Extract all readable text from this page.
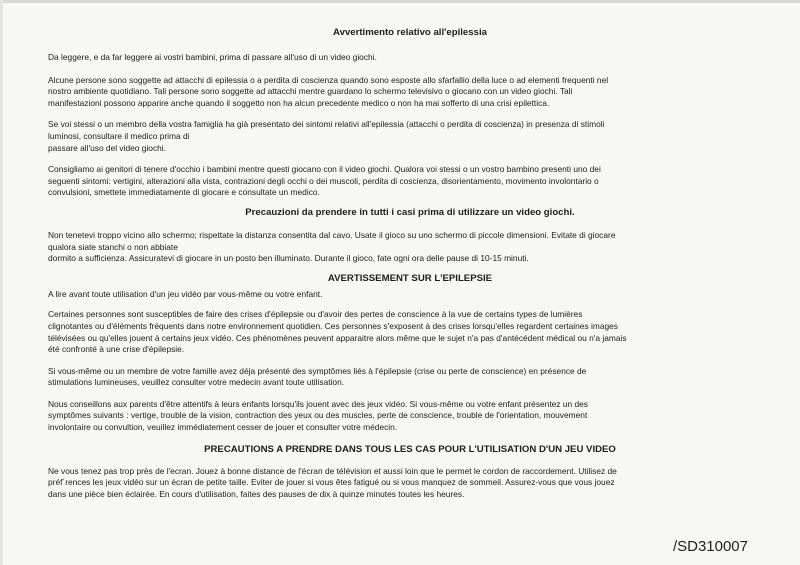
Avvertimento relativo all'epilessia

Da leggere, e da far leggere ai vostri bambini, prima di passare all'uso di un video giochi.

Alcune persone sono soggette ad attacchi di epilessia o a perdita di coscienza quando sono esposte allo sfarfallio della luce o ad elementi frequenti nel
nostro ambiente quotidiano. Tali persone sono soggette ad attacchi mentre guardano lo schermo televisivo o giocano con un video giochi. Tali
manifestazioni possono apparire anche quando il soggetto non ha alcun precedente medico o non ha mai sofferto di una crisi epilettica.

Se voi stessi o un membro della vostra famiglia ha già presentato dei sintomi relativi all'epilessia (attacchi o perdita di coscienza) in presenza di stimoli
luminosi, consultare il medico prima di
passare all'uso del video giochi.

Consigliamo ai genitori di tenere d'occhio i bambini mentre questi giocano con il video giochi. Qualora voi stessi o un vostro bambino presenti uno dei
seguenti sintomi: vertigini, alterazioni alla vista, contrazioni degli occhi o dei muscoli, perdita di coscienza, disorientamento, movimento involontario o
convulsioni, smettete immediatamente di giocare e consultate un medico.

Precauzioni da prendere in tutti i casi prima di utilizzare un video giochi.

Non tenetevi troppo vicino allo schermo; rispettate la distanza consentita dal cavo. Usate il gioco su uno schermo di piccole dimensioni. Evitate di giocare
qualora siate stanchi o non abbiate
dormito a sufficienza. Assicuratevi di giocare in un posto ben illuminato. Durante il gioco, fate ogni ora delle pause di 10-15 minuti.

AVERTISSEMENT SUR L'EPILEPSIE

A lire avant toute utilisation d'un jeu vidéo par vous-même ou votre enfant.

Certaines personnes sont susceptibles de faire des crises d'épilepsie ou d'avoir des pertes de conscience à la vue de certains types de lumières
clignotantes ou d'éléments fréquents dans notre environnement quotidien. Ces personnes s'exposent à des crises lorsqu'elles regardent certaines images
télévisées ou qu'elles jouent à certains jeux vidéo. Ces phénomènes peuvent apparaitre alors même que le sujet n'a pas d'antécédent médical ou n'a jamais
été confronté à une crise d'épilepsie.

Si vous-même ou un membre de votre famille avez déja présenté des symptômes liés à l'épilepsie (crise ou perte de conscience) en présence de
stimulations lumineuses, veuillez consulter votre medecin avant toute utilisation.

Nous conseillons aux parents d'être attentifs à leurs enfants lorsqu'ils jouent avec des jeux vidéo. Si vous-même ou votre enfant présentez un des
symptômes suivants : vertige, trouble de la vision, contraction des yeux ou des muscles, perte de conscience, trouble de l'orientation, mouvement
involontaire ou convultion, veuillez immédiatement cesser de jouer et consulter votre médecin.

PRECAUTIONS A PRENDRE DANS TOUS LES CAS POUR L'UTILISATION D'UN JEU VIDEO

Ne vous tenez pas trop près de l'ecran. Jouez à bonne distance de l'écran de télévision et aussi loin que le permet le cordon de raccordement. Utilisez de
préf´rences les jeux vidéo sur un écran de petite taille. Eviter de jouer si vous êtes fatigué ou si vous manquez de sommeil. Assurez-vous que vous jouez
dans une pièce bien éclairée. En cours d'utilisation, faites des pauses de dix à quinze minutes toutes les heures.

/SD310007
